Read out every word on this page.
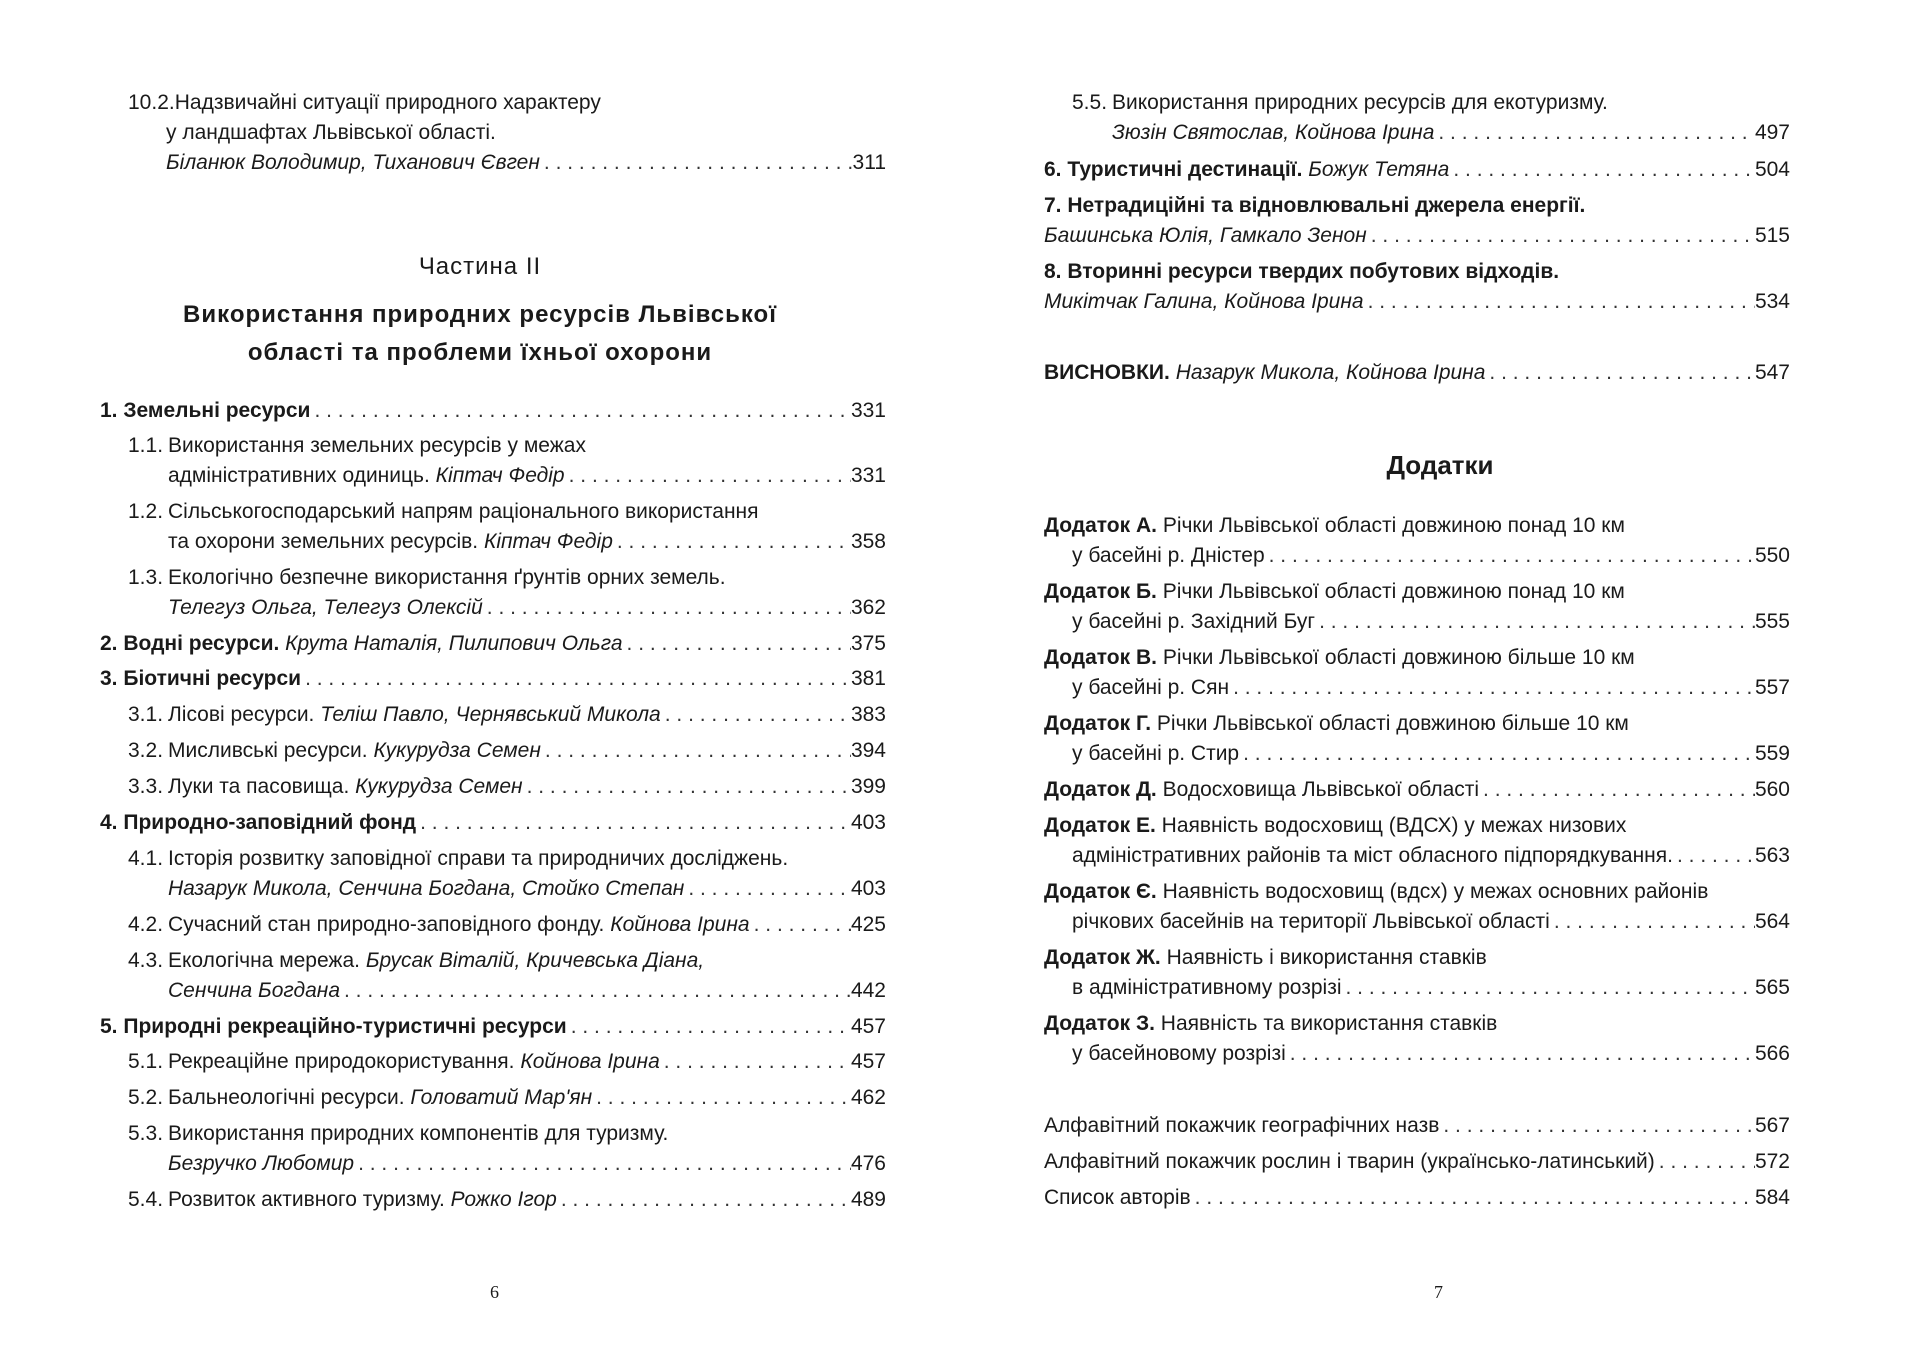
10.2.Надзвичайні ситуації природного характеру
у ландшафтах Львівської області.
Біланюк Володимир, Тиханович Євген . . .	311
Частина II
Використання природних ресурсів Львівської
області та проблеми їхньої охорони
1. Земельні ресурси . . .	331
1.1. Використання земельних ресурсів у межах
адміністративних одиниць. Кіптач Федір . . .	331
1.2. Сільськогосподарський напрям раціонального використання
та охорони земельних ресурсів. Кіптач Федір . . .	358
1.3. Екологічно безпечне використання ґрунтів орних земель.
Телегуз Ольга, Телегуз Олексій . . .	362
2. Водні ресурси. Крута Наталія, Пилипович Ольга . . .	375
3. Біотичні ресурси . . .	381
3.1. Лісові ресурси. Теліш Павло, Чернявський Микола . . .	383
3.2. Мисливські ресурси. Кукурудза Семен . . .	394
3.3. Луки та пасовища. Кукурудза Семен . . .	399
4. Природно-заповідний фонд . . .	403
4.1. Історія розвитку заповідної справи та природничих досліджень.
Назарук Микола, Сенчина Богдана, Стойко Степан . . .	403
4.2. Сучасний стан природно-заповідного фонду. Койнова Ірина . . .	425
4.3. Екологічна мережа. Брусак Віталій, Кричевська Діана,
Сенчина Богдана . . .	442
5. Природні рекреаційно-туристичні ресурси . . .	457
5.1. Рекреаційне природокористування. Койнова Ірина . . .	457
5.2. Бальнеологічні ресурси. Головатий Мар'ян . . .	462
5.3. Використання природних компонентів для туризму.
Безручко Любомир . . .	476
5.4. Розвиток активного туризму. Рожко Ігор . . .	489
6
5.5. Використання природних ресурсів для екотуризму.
Зюзін Святослав, Койнова Ірина . . .	497
6. Туристичні дестинації. Божук Тетяна . . .	504
7. Нетрадиційні та відновлювальні джерела енергії.
Башинська Юлія, Гамкало Зенон . . .	515
8. Вторинні ресурси твердих побутових відходів.
Микітчак Галина, Койнова Ірина . . .	534
ВИСНОВКИ. Назарук Микола, Койнова Ірина . . .	547
Додатки
Додаток А. Річки Львівської області довжиною понад 10 км
у басейні р. Дністер . . .	550
Додаток Б. Річки Львівської області довжиною понад 10 км
у басейні р. Західний Буг . . .	555
Додаток В. Річки Львівської області довжиною більше 10 км
у басейні р. Сян . . .	557
Додаток Г. Річки Львівської області довжиною більше 10 км
у басейні р. Стир . . .	559
Додаток Д. Водосховища Львівської області . . .	560
Додаток Е. Наявність водосховищ (ВДСХ) у межах низових
адміністративних районів та міст обласного підпорядкування. . . .	563
Додаток Є. Наявність водосховищ (вдсх) у межах основних районів
річкових басейнів на території Львівської області . . .	564
Додаток Ж. Наявність і використання ставків
в адміністративному розрізі . . .	565
Додаток З. Наявність та використання ставків
у басейновому розрізі . . .	566
Алфавітний покажчик географічних назв . . .	567
Алфавітний покажчик рослин і тварин (українсько-латинський) . . .	572
Список авторів . . .	584
7
